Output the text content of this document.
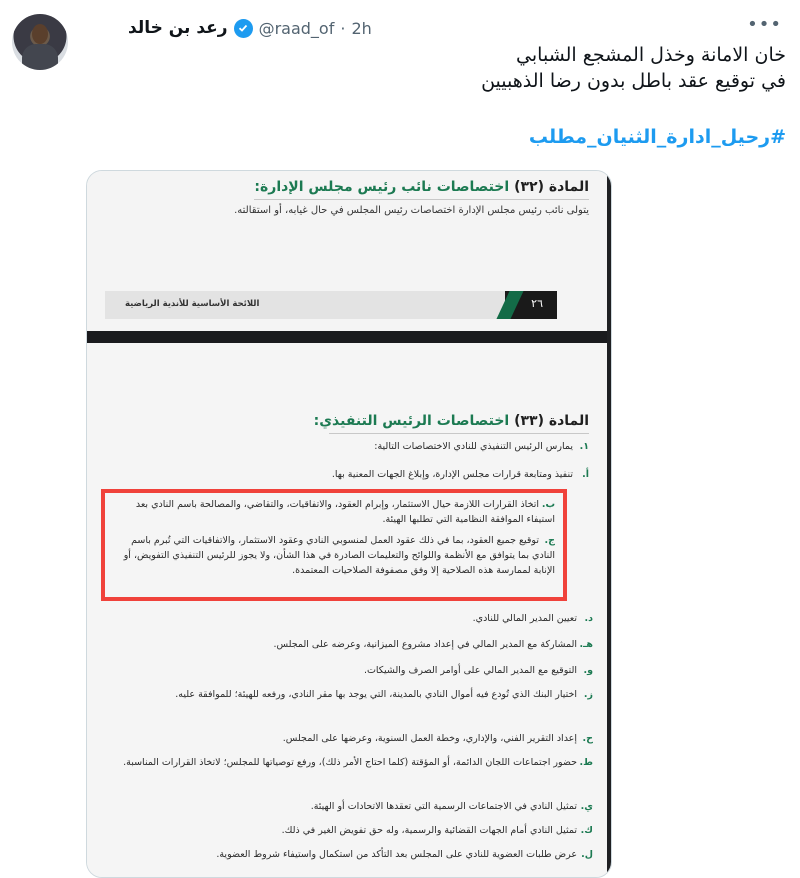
رعد بن خالد @raad_of · 2h	•••
خان الامانة وخذل المشجع الشبابي
في توقيع عقد باطل بدون رضا الذهبيين
#رحيل_ادارة_الثنيان_مطلب
المادة (٣٢) اختصاصات نائب رئيس مجلس الإدارة:
يتولى نائب رئيس مجلس الإدارة اختصاصات رئيس المجلس في حال غيابه، أو استقالته.
اللائحة الأساسية للأندية الرياضية	٢٦
المادة (٣٣) اختصاصات الرئيس التنفيذي:
١.يمارس الرئيس التنفيذي للنادي الاختصاصات التالية:
أ.تنفيذ ومتابعة قرارات مجلس الإدارة، وإبلاغ الجهات المعنية بها.
ب.اتخاذ القرارات اللازمة حيال الاستثمار، وإبرام العقود، والاتفاقيات، والتقاضي، والمصالحة باسم النادي بعد استيفاء الموافقة النظامية التي تطلبها الهيئة.
ج.توقيع جميع العقود، بما في ذلك عقود العمل لمنسوبي النادي وعقود الاستثمار، والاتفاقيات التي تُبرم باسم النادي بما يتوافق مع الأنظمة واللوائح والتعليمات الصادرة في هذا الشأن، ولا يجوز للرئيس التنفيذي التفويض، أو الإنابة لممارسة هذه الصلاحية إلا وفق مصفوفة الصلاحيات المعتمدة.
د.تعيين المدير المالي للنادي.
هـ.المشاركة مع المدير المالي في إعداد مشروع الميزانية، وعرضه على المجلس.
و.التوقيع مع المدير المالي على أوامر الصرف والشيكات.
ز.اختيار البنك الذي تُودع فيه أموال النادي بالمدينة، التي يوجد بها مقر النادي، ورفعه للهيئة؛ للموافقة عليه.
ح.إعداد التقرير الفني، والإداري، وخطة العمل السنوية، وعرضها على المجلس.
ط.حضور اجتماعات اللجان الدائمة، أو المؤقتة (كلما احتاج الأمر ذلك)، ورفع توصياتها للمجلس؛ لاتخاذ القرارات المناسبة.
ي.تمثيل النادي في الاجتماعات الرسمية التي تعقدها الاتحادات أو الهيئة.
ك.تمثيل النادي أمام الجهات القضائية والرسمية، وله حق تفويض الغير في ذلك.
ل.عرض طلبات العضوية للنادي على المجلس بعد التأكد من استكمال واستيفاء شروط العضوية.
